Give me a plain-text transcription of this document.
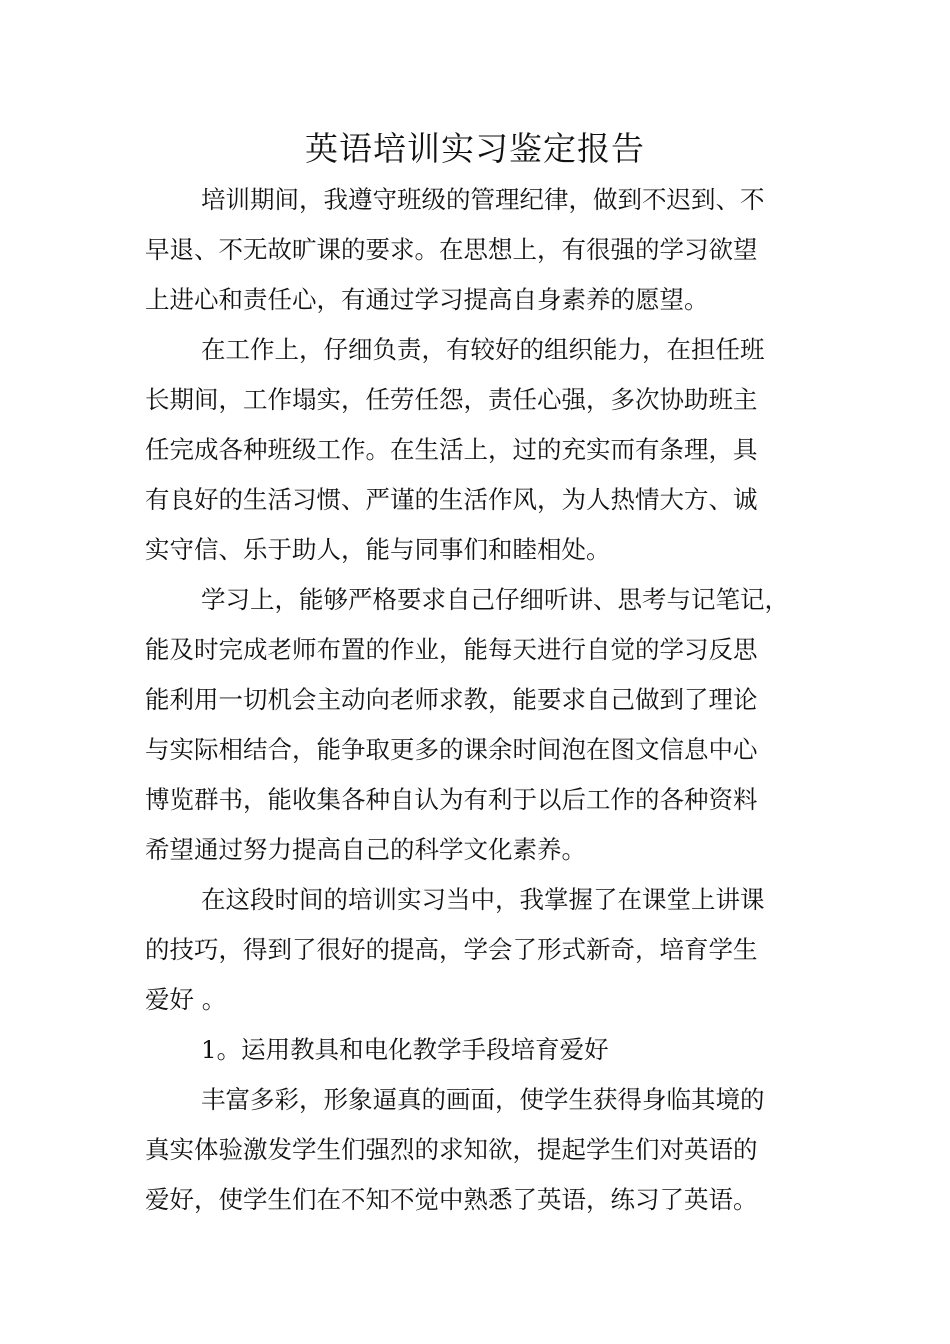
英语培训实习鉴定报告
培训期间，我遵守班级的管理纪律，做到不迟到、不
早退、不无故旷课的要求。在思想上，有很强的学习欲望
上进心和责任心，有通过学习提高自身素养的愿望。
在工作上，仔细负责，有较好的组织能力，在担任班
长期间，工作塌实，任劳任怨，责任心强，多次协助班主
任完成各种班级工作。在生活上，过的充实而有条理，具
有良好的生活习惯、严谨的生活作风，为人热情大方、诚
实守信、乐于助人，能与同事们和睦相处。
学习上，能够严格要求自己仔细听讲、思考与记笔记，
能及时完成老师布置的作业，能每天进行自觉的学习反思
能利用一切机会主动向老师求教，能要求自己做到了理论
与实际相结合，能争取更多的课余时间泡在图文信息中心
博览群书，能收集各种自认为有利于以后工作的各种资料
希望通过努力提高自己的科学文化素养。
在这段时间的培训实习当中，我掌握了在课堂上讲课
的技巧，得到了很好的提高，学会了形式新奇，培育学生
爱好 。
1。运用教具和电化教学手段培育爱好
丰富多彩，形象逼真的画面，使学生获得身临其境的
真实体验激发学生们强烈的求知欲，提起学生们对英语的
爱好，使学生们在不知不觉中熟悉了英语，练习了英语。
